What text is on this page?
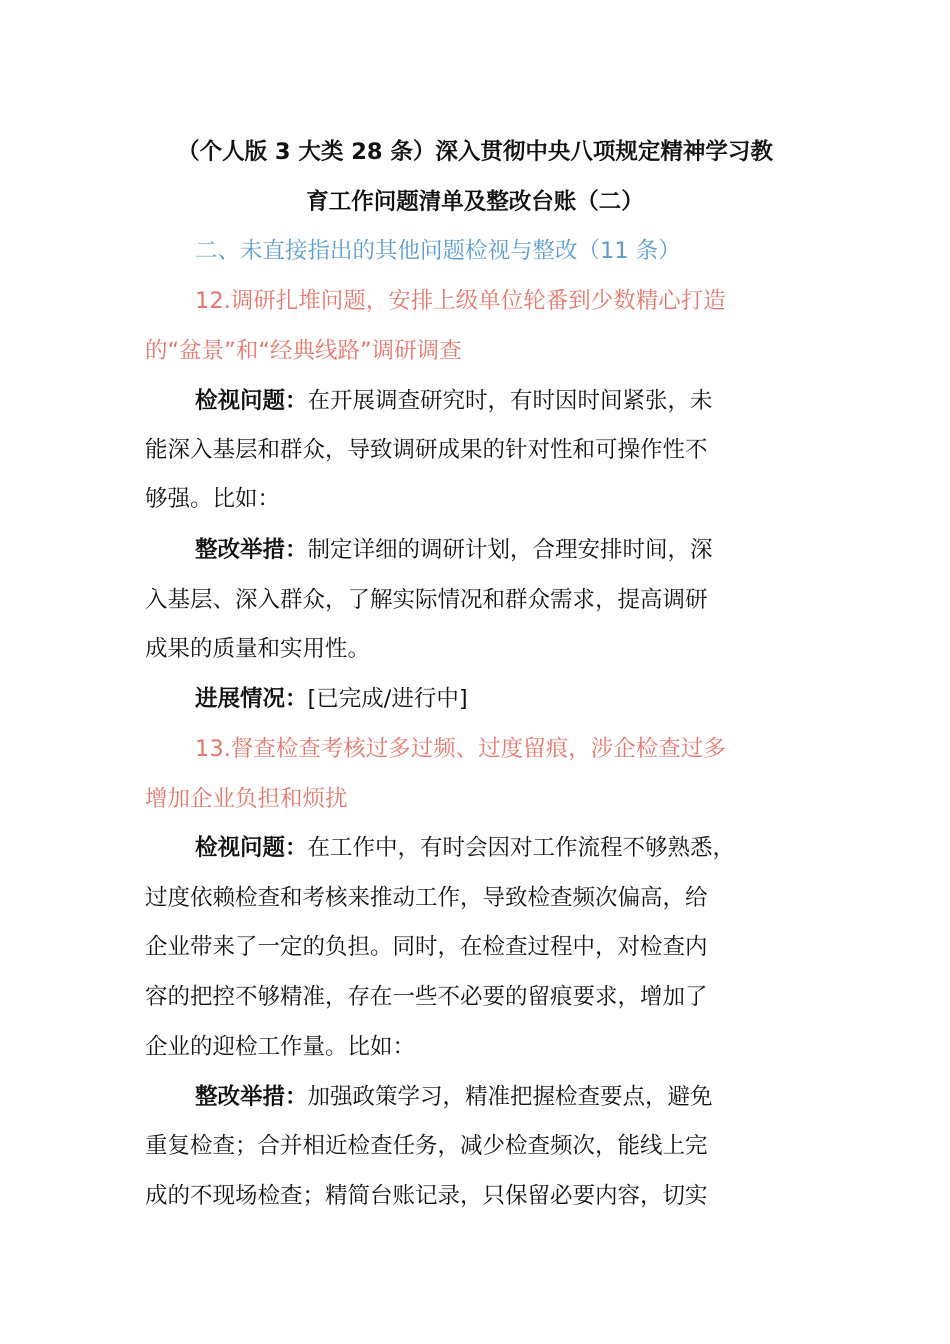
（个人版 3 大类 28 条）深入贯彻中央八项规定精神学习教
育工作问题清单及整改台账（二）
二、未直接指出的其他问题检视与整改（11 条）
12.调研扎堆问题，安排上级单位轮番到少数精心打造
的“盆景”和“经典线路”调研调查
检视问题：在开展调查研究时，有时因时间紧张，未
能深入基层和群众，导致调研成果的针对性和可操作性不
够强。比如：
整改举措：制定详细的调研计划，合理安排时间，深
入基层、深入群众，了解实际情况和群众需求，提高调研
成果的质量和实用性。
进展情况：[已完成/进行中]
13.督查检查考核过多过频、过度留痕，涉企检查过多
增加企业负担和烦扰
检视问题：在工作中，有时会因对工作流程不够熟悉，
过度依赖检查和考核来推动工作，导致检查频次偏高，给
企业带来了一定的负担。同时，在检查过程中，对检查内
容的把控不够精准，存在一些不必要的留痕要求，增加了
企业的迎检工作量。比如：
整改举措：加强政策学习，精准把握检查要点，避免
重复检查；合并相近检查任务，减少检查频次，能线上完
成的不现场检查；精简台账记录，只保留必要内容，切实
